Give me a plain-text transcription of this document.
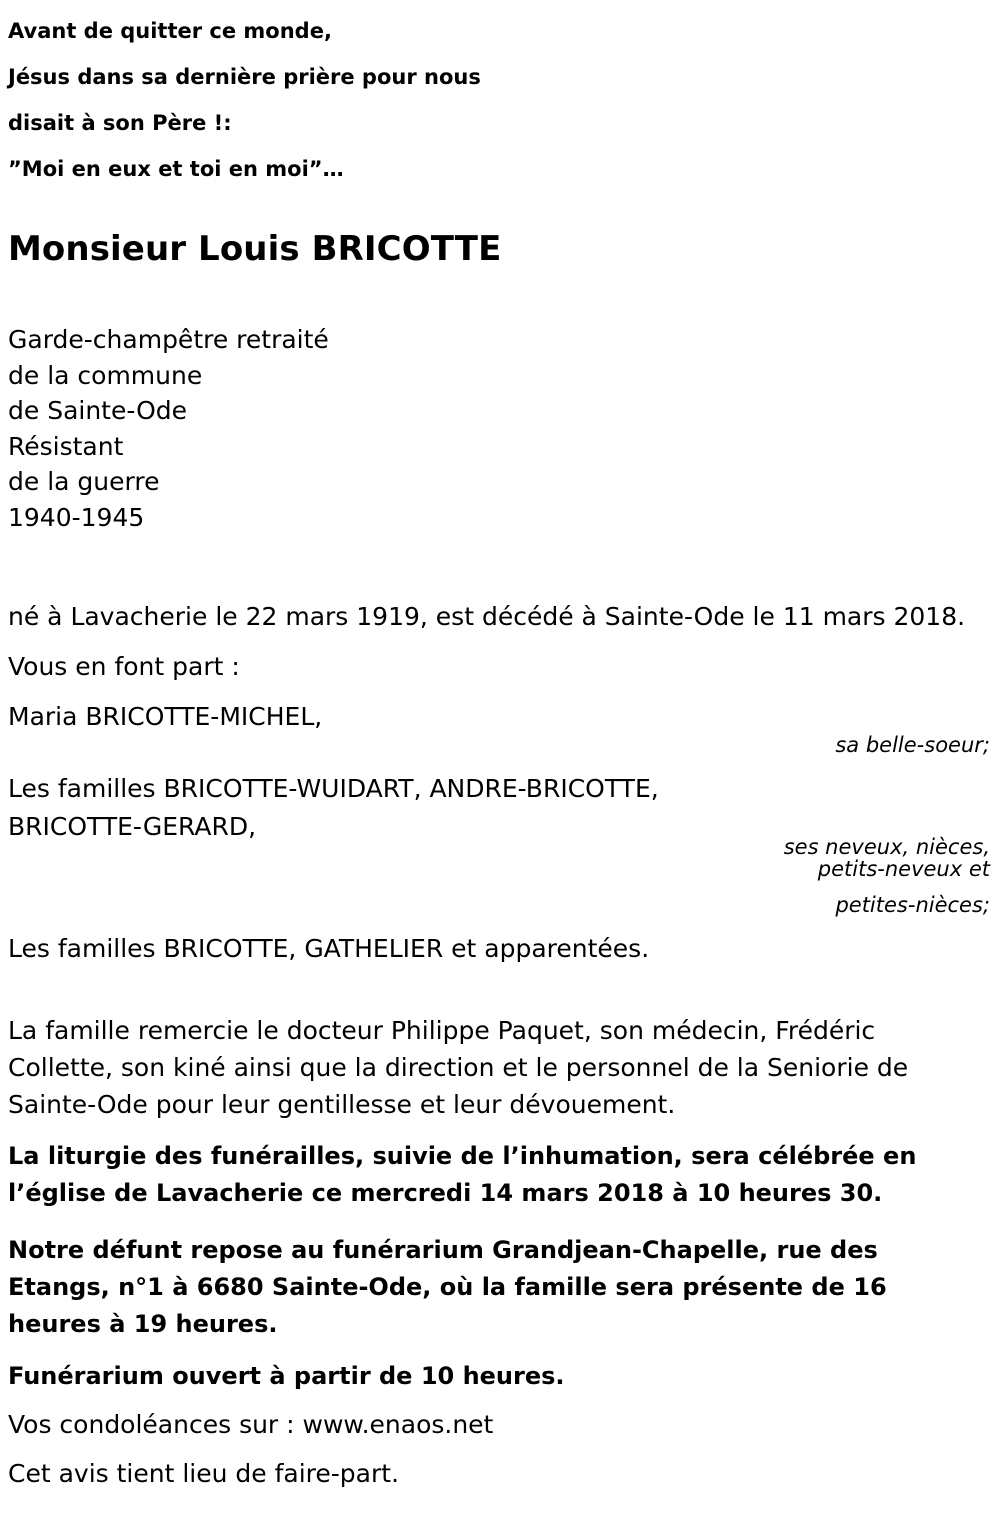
Avant de quitter ce monde,
Jésus dans sa dernière prière pour nous
disait à son Père !:
”Moi en eux et toi en moi”…
Monsieur Louis BRICOTTE
Garde-champêtre retraité
de la commune
de Sainte-Ode
Résistant
de la guerre
1940-1945
né à Lavacherie le 22 mars 1919, est décédé à Sainte-Ode le 11 mars 2018.
Vous en font part :
Maria BRICOTTE-MICHEL,
sa belle-soeur;
Les familles BRICOTTE-WUIDART, ANDRE-BRICOTTE,
BRICOTTE-GERARD,
ses neveux, nièces,
petits-neveux et
petites-nièces;
Les familles BRICOTTE, GATHELIER et apparentées.
La famille remercie le docteur Philippe Paquet, son médecin, Frédéric
Collette, son kiné ainsi que la direction et le personnel de la Seniorie de
Sainte-Ode pour leur gentillesse et leur dévouement.
La liturgie des funérailles, suivie de l’inhumation, sera célébrée en
l’église de Lavacherie ce mercredi 14 mars 2018 à 10 heures 30.
Notre défunt repose au funérarium Grandjean-Chapelle, rue des
Etangs, n°1 à 6680 Sainte-Ode, où la famille sera présente de 16
heures à 19 heures.
Funérarium ouvert à partir de 10 heures.
Vos condoléances sur : www.enaos.net
Cet avis tient lieu de faire-part.
